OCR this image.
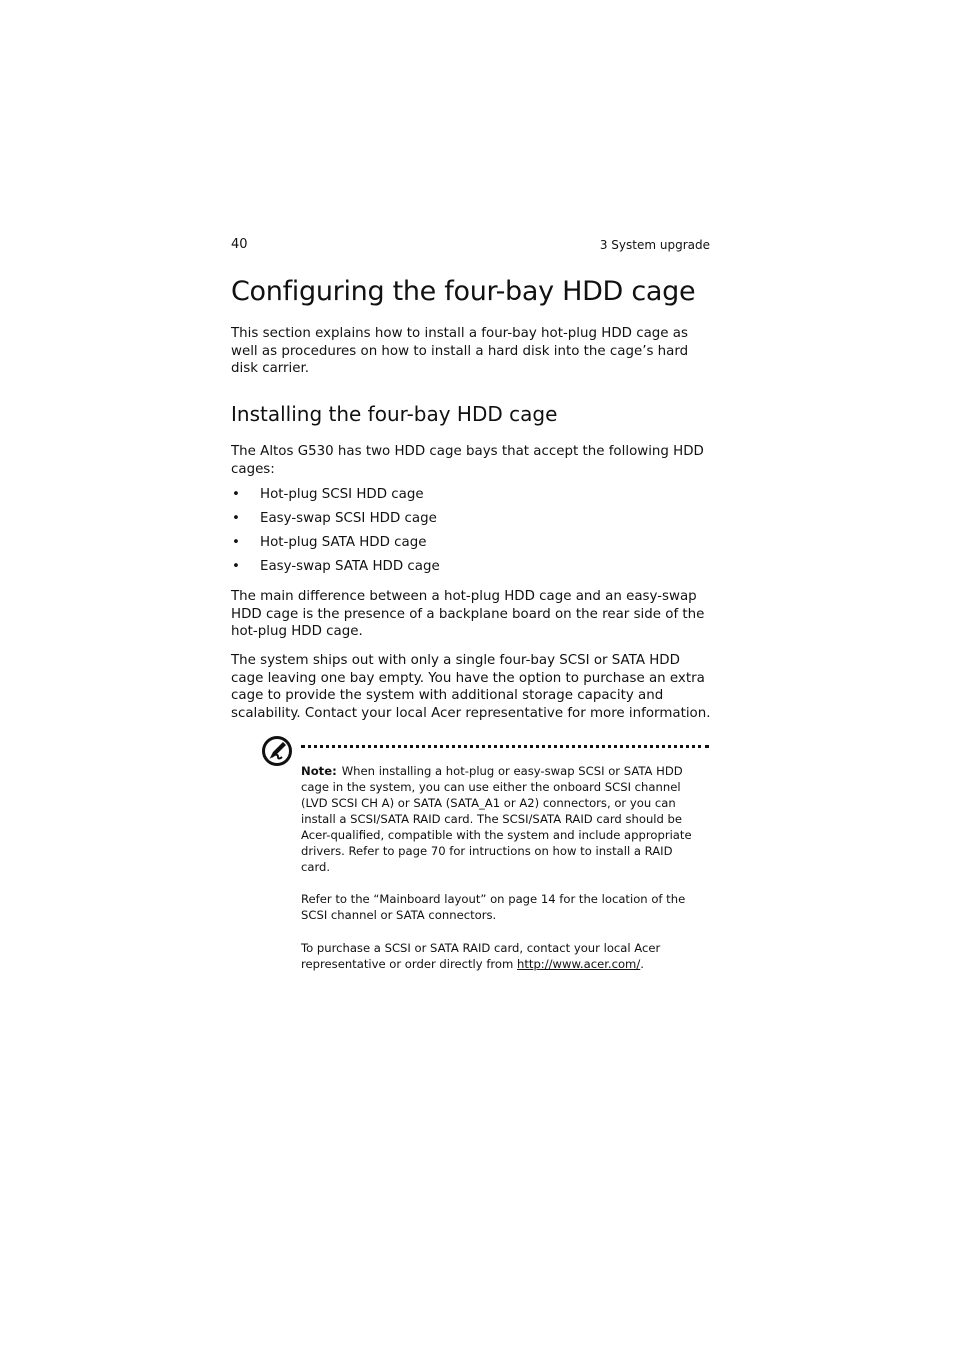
40	3 System upgrade
Configuring the four-bay HDD cage

This section explains how to install a four-bay hot-plug HDD cage as well as procedures on how to install a hard disk into the cage’s hard disk carrier.

Installing the four-bay HDD cage

The Altos G530 has two HDD cage bays that accept the following HDD cages:

• Hot-plug SCSI HDD cage
• Easy-swap SCSI HDD cage
• Hot-plug SATA HDD cage
• Easy-swap SATA HDD cage

The main difference between a hot-plug HDD cage and an easy-swap HDD cage is the presence of a backplane board on the rear side of the hot-plug HDD cage.

The system ships out with only a single four-bay SCSI or SATA HDD cage leaving one bay empty. You have the option to purchase an extra cage to provide the system with additional storage capacity and scalability. Contact your local Acer representative for more information.

Note: When installing a hot-plug or easy-swap SCSI or SATA HDD cage in the system, you can use either the onboard SCSI channel (LVD SCSI CH A) or SATA (SATA_A1 or A2) connectors, or you can install a SCSI/SATA RAID card. The SCSI/SATA RAID card should be Acer-qualified, compatible with the system and include appropriate drivers. Refer to page 70 for intructions on how to install a RAID card.

Refer to the “Mainboard layout” on page 14 for the location of the SCSI channel or SATA connectors.

To purchase a SCSI or SATA RAID card, contact your local Acer representative or order directly from http://www.acer.com/.
